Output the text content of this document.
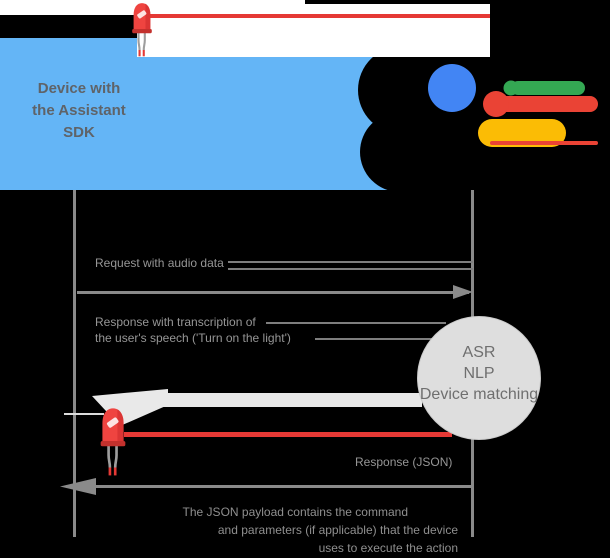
Device with
the Assistant
SDK
Request with audio data
Response with transcription of
the user's speech ('Turn on the light')
ASR
NLP
Device matching
Response (JSON)
The JSON payload contains the command
and parameters (if applicable) that the device
uses to execute the action
